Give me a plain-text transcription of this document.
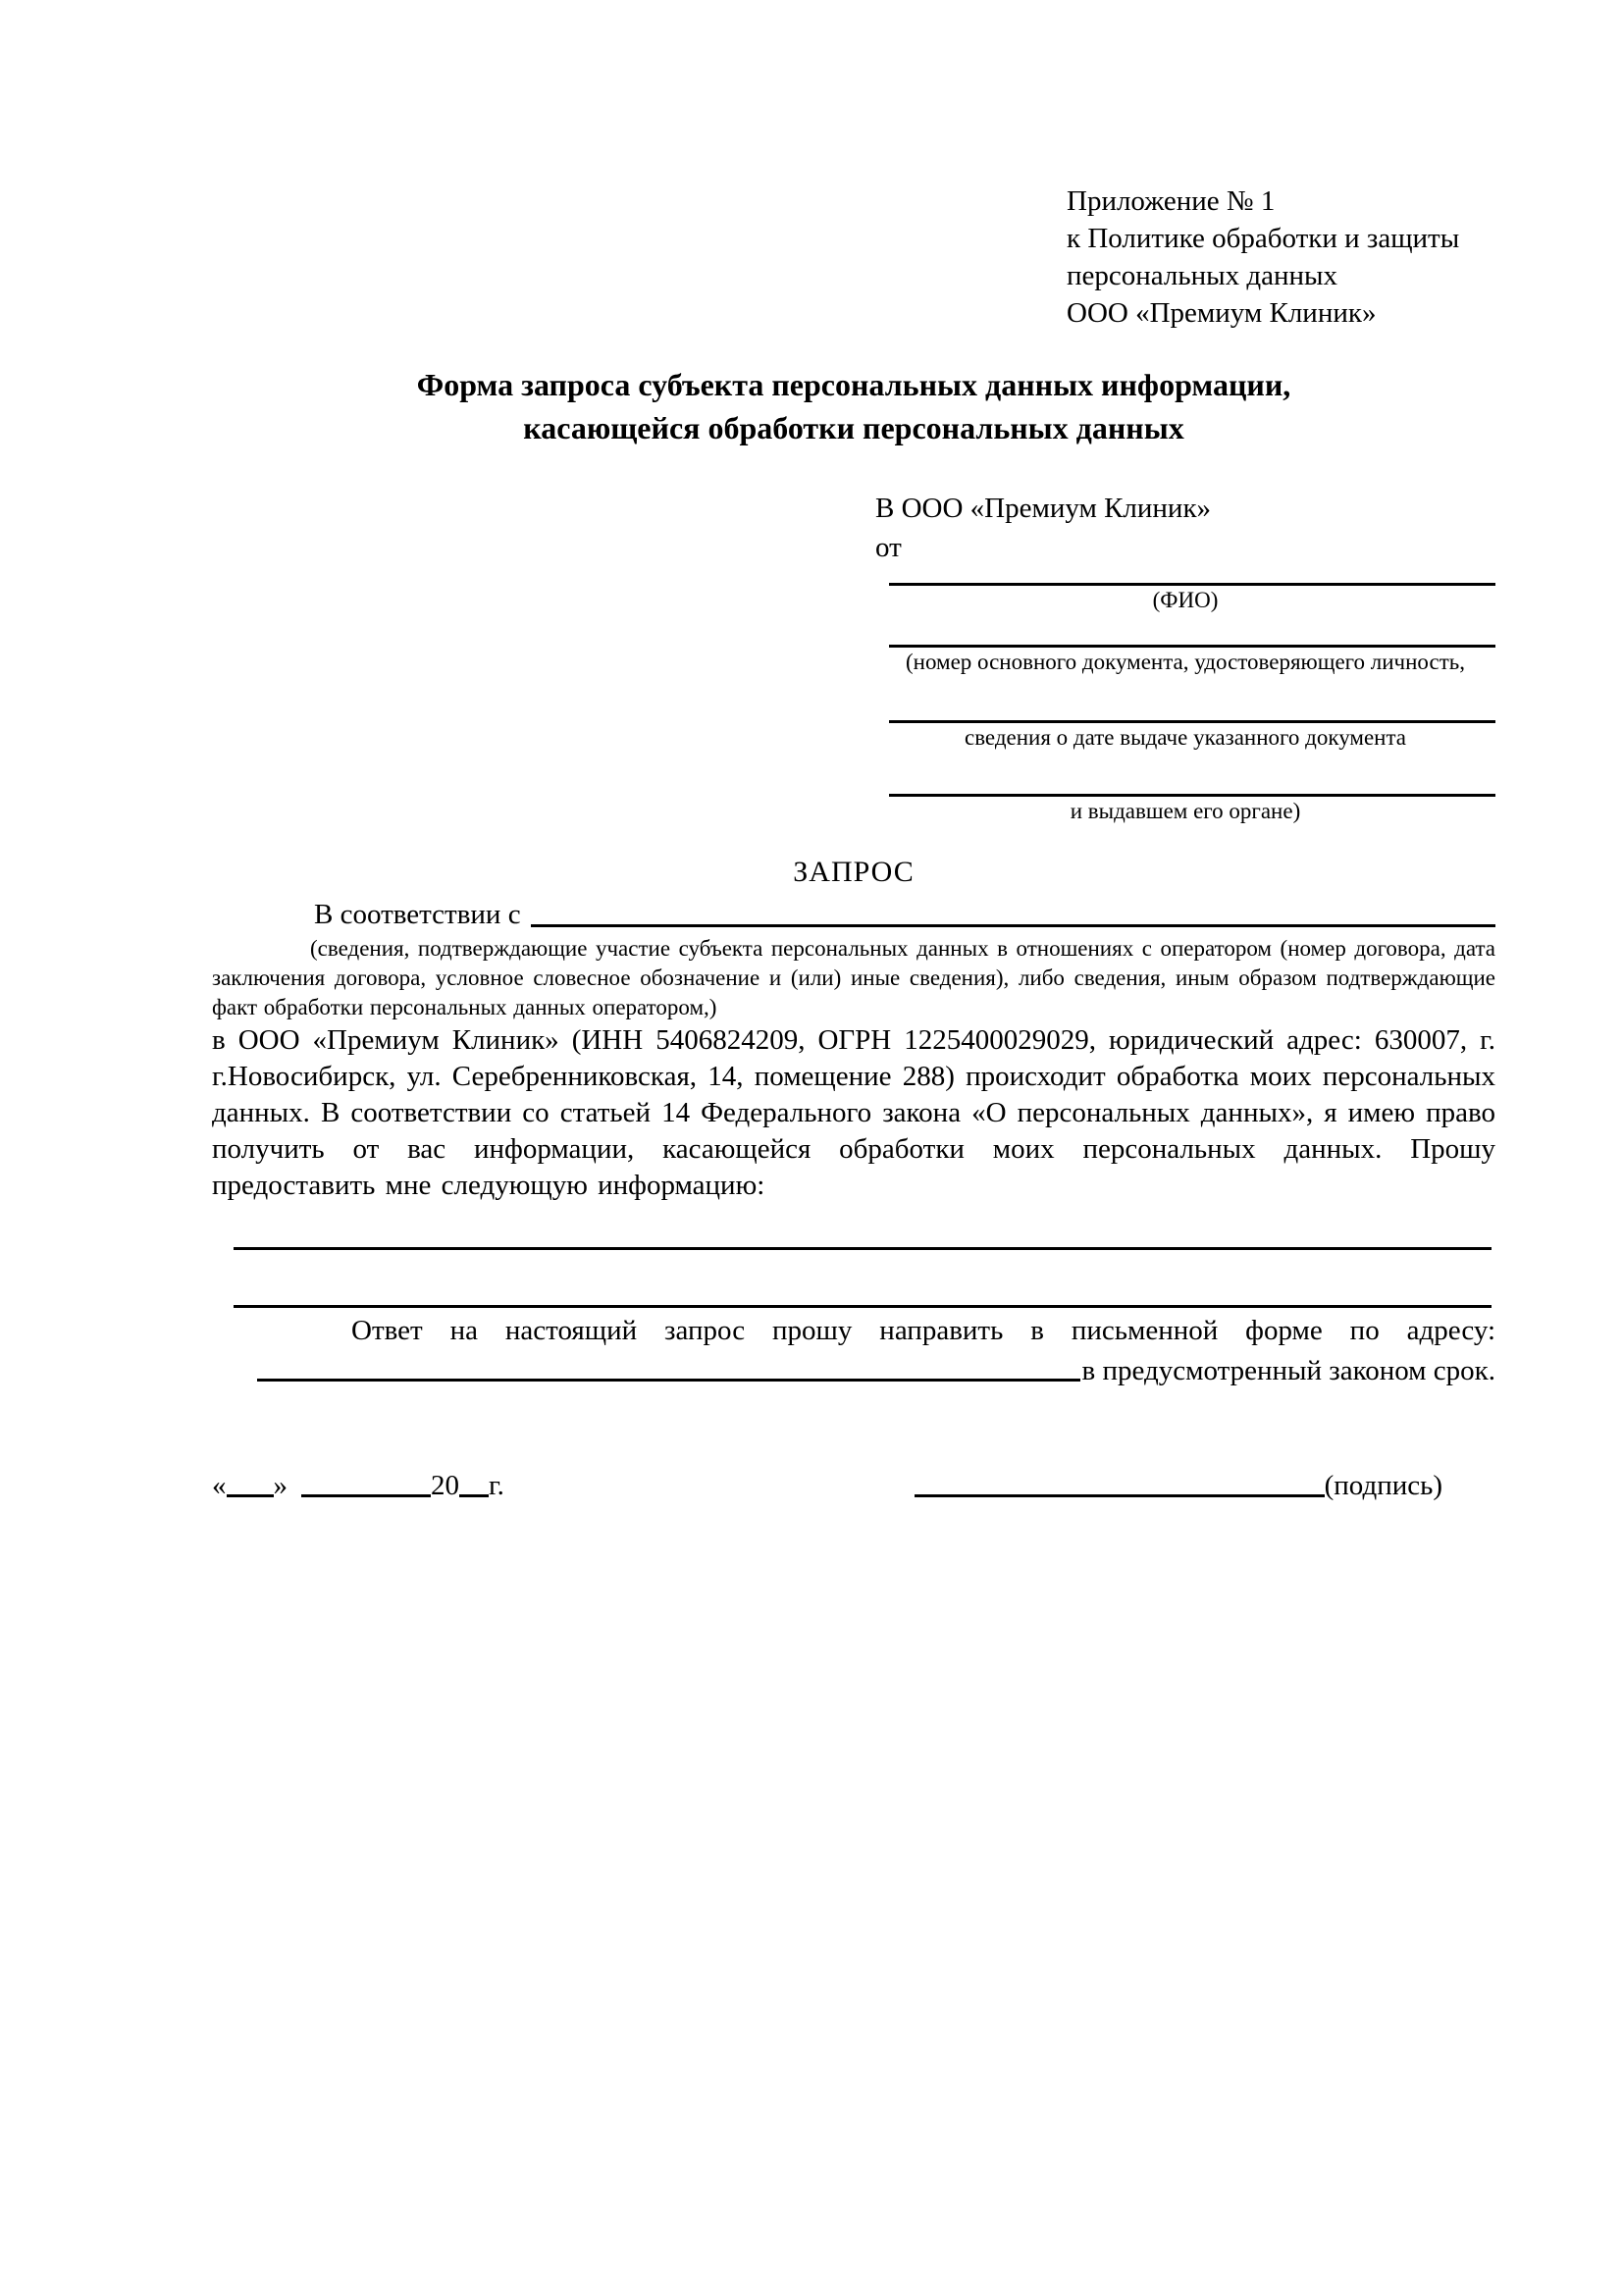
Приложение № 1
к Политике обработки и защиты
персональных данных
ООО «Премиум Клиник»
Форма запроса субъекта персональных данных информации,
касающейся обработки персональных данных
В ООО «Премиум Клиник»
от
(ФИО)
(номер основного документа, удостоверяющего личность,
сведения о дате выдаче указанного документа
и выдавшем его органе)
ЗАПРОС
В соответствии с

(сведения, подтверждающие участие субъекта персональных данных в отношениях с оператором (номер договора, дата заключения договора, условное словесное обозначение и (или) иные сведения), либо сведения, иным образом подтверждающие факт обработки персональных данных оператором,)

в ООО «Премиум Клиник» (ИНН 5406824209, ОГРН 1225400029029, юридический адрес: 630007, г. г.Новосибирск, ул. Серебренниковская, 14, помещение 288) происходит обработка моих персональных данных. В соответствии со статьей 14 Федерального закона «О персональных данных», я имею право получить от вас информации, касающейся обработки моих персональных данных. Прошу предоставить мне следующую информацию:

Ответ на настоящий запрос прошу направить в письменной форме по адресу:
в предусмотренный законом срок.
« »	20 г.	(подпись)
